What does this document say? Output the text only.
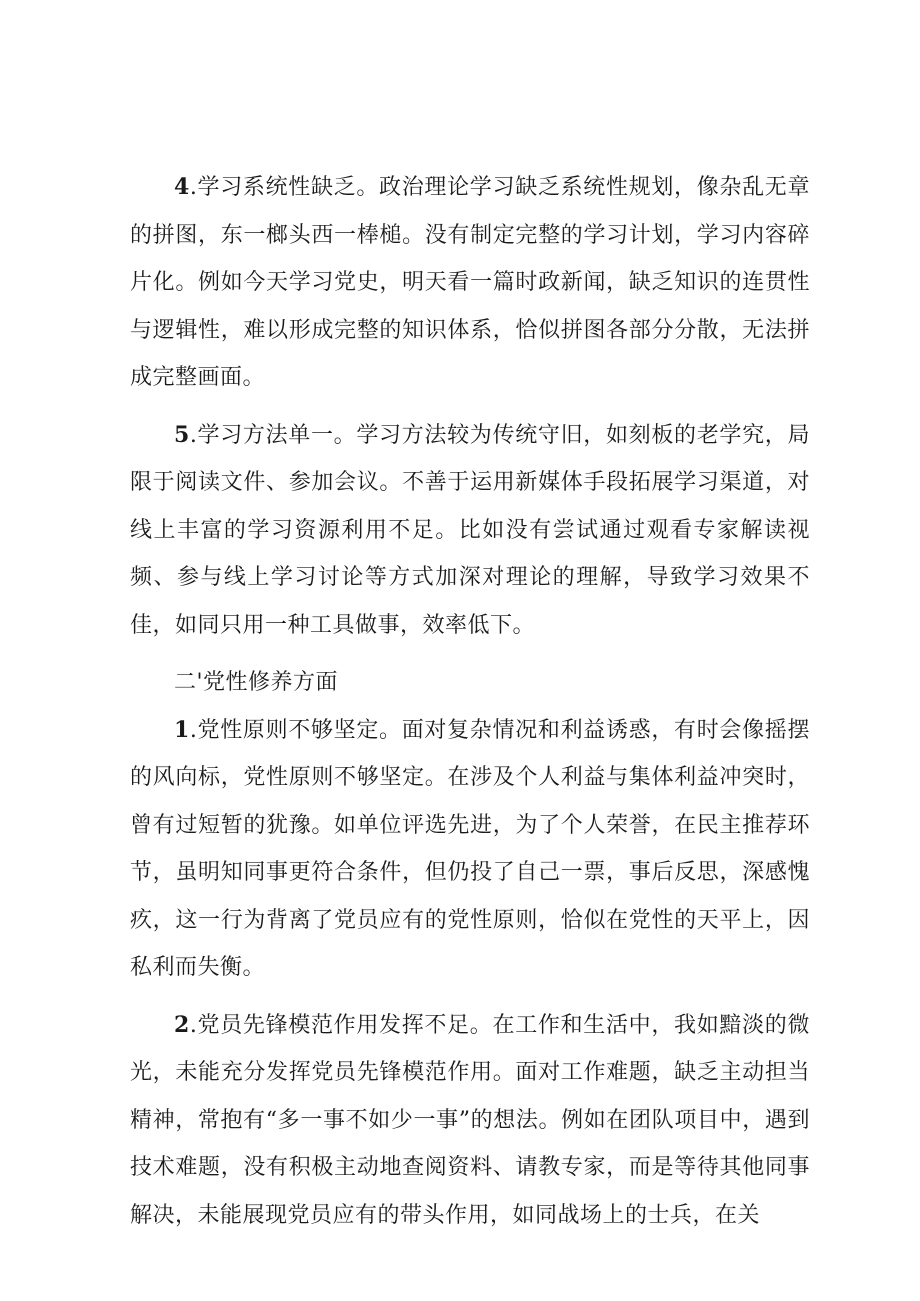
4.学习系统性缺乏。政治理论学习缺乏系统性规划，像杂乱无章的拼图，东一榔头西一棒槌。没有制定完整的学习计划，学习内容碎片化。例如今天学习党史，明天看一篇时政新闻，缺乏知识的连贯性与逻辑性，难以形成完整的知识体系，恰似拼图各部分分散，无法拼成完整画面。

5.学习方法单一。学习方法较为传统守旧，如刻板的老学究，局限于阅读文件、参加会议。不善于运用新媒体手段拓展学习渠道，对线上丰富的学习资源利用不足。比如没有尝试通过观看专家解读视频、参与线上学习讨论等方式加深对理论的理解，导致学习效果不佳，如同只用一种工具做事，效率低下。

二'党性修养方面

1.党性原则不够坚定。面对复杂情况和利益诱惑，有时会像摇摆的风向标，党性原则不够坚定。在涉及个人利益与集体利益冲突时，曾有过短暂的犹豫。如单位评选先进，为了个人荣誉，在民主推荐环节，虽明知同事更符合条件，但仍投了自己一票，事后反思，深感愧疚，这一行为背离了党员应有的党性原则，恰似在党性的天平上，因私利而失衡。

2.党员先锋模范作用发挥不足。在工作和生活中，我如黯淡的微光，未能充分发挥党员先锋模范作用。面对工作难题，缺乏主动担当精神，常抱有“多一事不如少一事”的想法。例如在团队项目中，遇到技术难题，没有积极主动地查阅资料、请教专家，而是等待其他同事解决，未能展现党员应有的带头作用，如同战场上的士兵，在关
